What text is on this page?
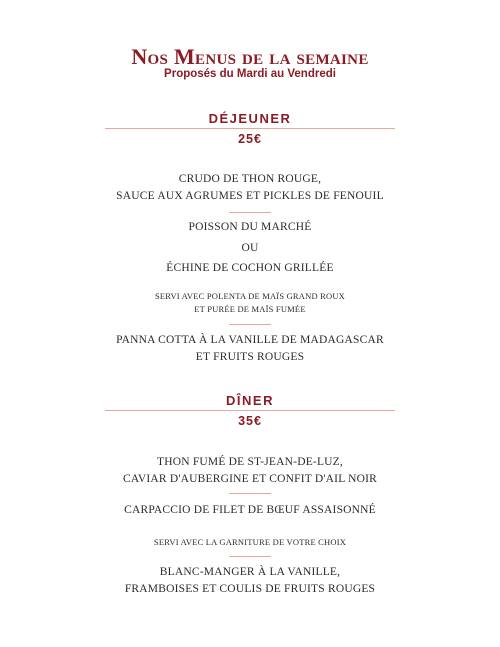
Nos Menus de la semaine
Proposés du Mardi au Vendredi
DÉJEUNER
25€
CRUDO DE THON ROUGE,
SAUCE AUX AGRUMES ET PICKLES DE FENOUIL
POISSON DU MARCHÉ
OU
ÉCHINE DE COCHON GRILLÉE
SERVI AVEC POLENTA DE MAÏS GRAND ROUX
ET PURÉE DE MAÏS FUMÉE
PANNA COTTA À LA VANILLE DE MADAGASCAR
ET FRUITS ROUGES
DÎNER
35€
THON FUMÉ DE ST-JEAN-DE-LUZ,
CAVIAR D'AUBERGINE ET CONFIT D'AIL NOIR
CARPACCIO DE FILET DE BŒUF ASSAISONNÉ
SERVI AVEC LA GARNITURE DE VOTRE CHOIX
BLANC-MANGER À LA VANILLE,
FRAMBOISES ET COULIS DE FRUITS ROUGES
